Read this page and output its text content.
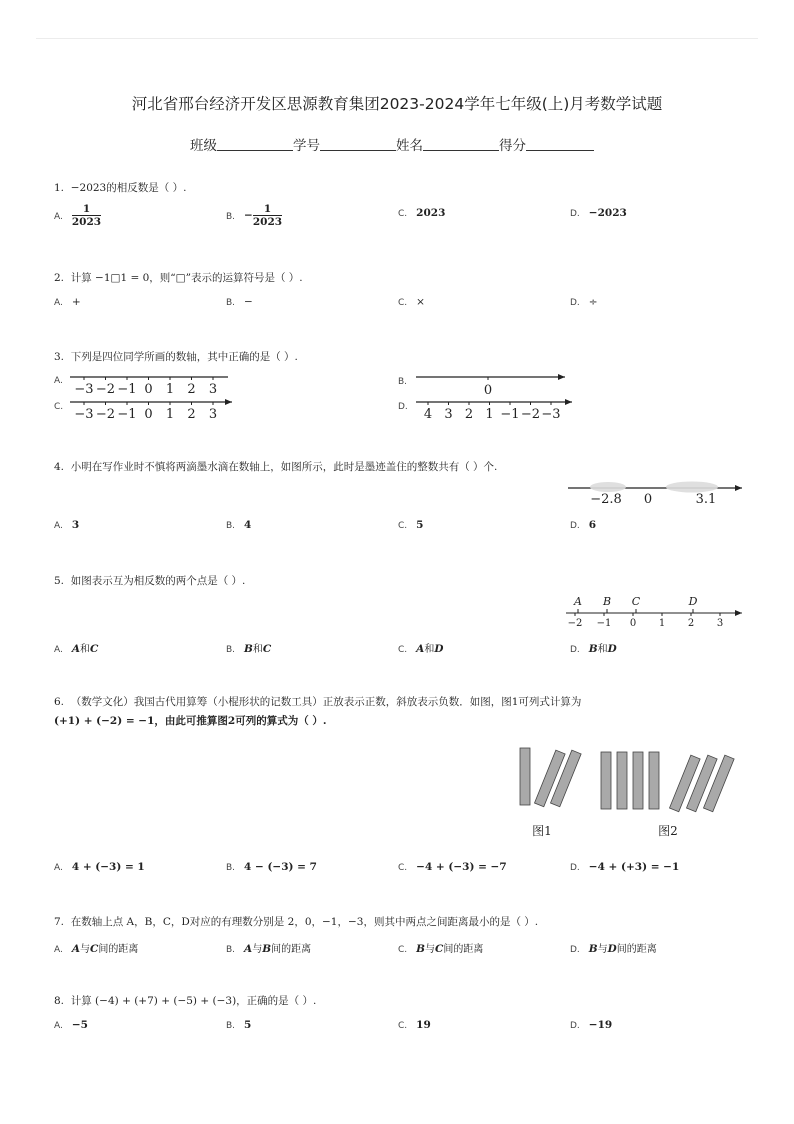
河北省邢台经济开发区思源教育集团2023-2024学年七年级(上)月考数学试题
班级	学号	姓名	得分
1. −2023的相反数是（ ）.
A. $\frac{1}{2023}$	B. − $\frac{1}{2023}$	C. 2023	D. −2023
2. 计算 −1□1 = 0，则“□”表示的运算符号是（ ）.
A. +	B. −	C. ×	D. ÷
3. 下列是四位同学所画的数轴，其中正确的是（ ）.
A.
C.
B.
D.
−3 −2 −1 0 1 2 3
−3 −2 −1 0 1 2 3
0
4 3 2 1 −1 −2 −3
−2.8 0	3.1
−2 −1 0 1 2 3
A B C	D
图1	图2
4. 小明在写作业时不慎将两滴墨水滴在数轴上，如图所示，此时是墨迹盖住的整数共有（ ）个.
A. 3	B. 4	C. 5	D. 6
5. 如图表示互为相反数的两个点是（ ）.
A. A和C	B. B和C	C. A和D	D. B和D
6. （数学文化）我国古代用算筹（小棍形状的记数工具）正放表示正数，斜放表示负数．如图，图1可列式计算为
(+1) + (−2) = −1，由此可推算图2可列的算式为（ ）.
A. 4 + (−3) = 1	B. 4 − (−3) = 7	C. −4 + (−3) = −7	D. −4 + (+3) = −1
7. 在数轴上点 A，B，C，D对应的有理数分别是 2，0，−1，−3，则其中两点之间距离最小的是（ ）.
A. A与C间的距离	B. A与B间的距离	C. B与C间的距离	D. B与D间的距离
8. 计算 (−4) + (+7) + (−5) + (−3)，正确的是（ ）.
A. −5	B. 5	C. 19	D. −19
